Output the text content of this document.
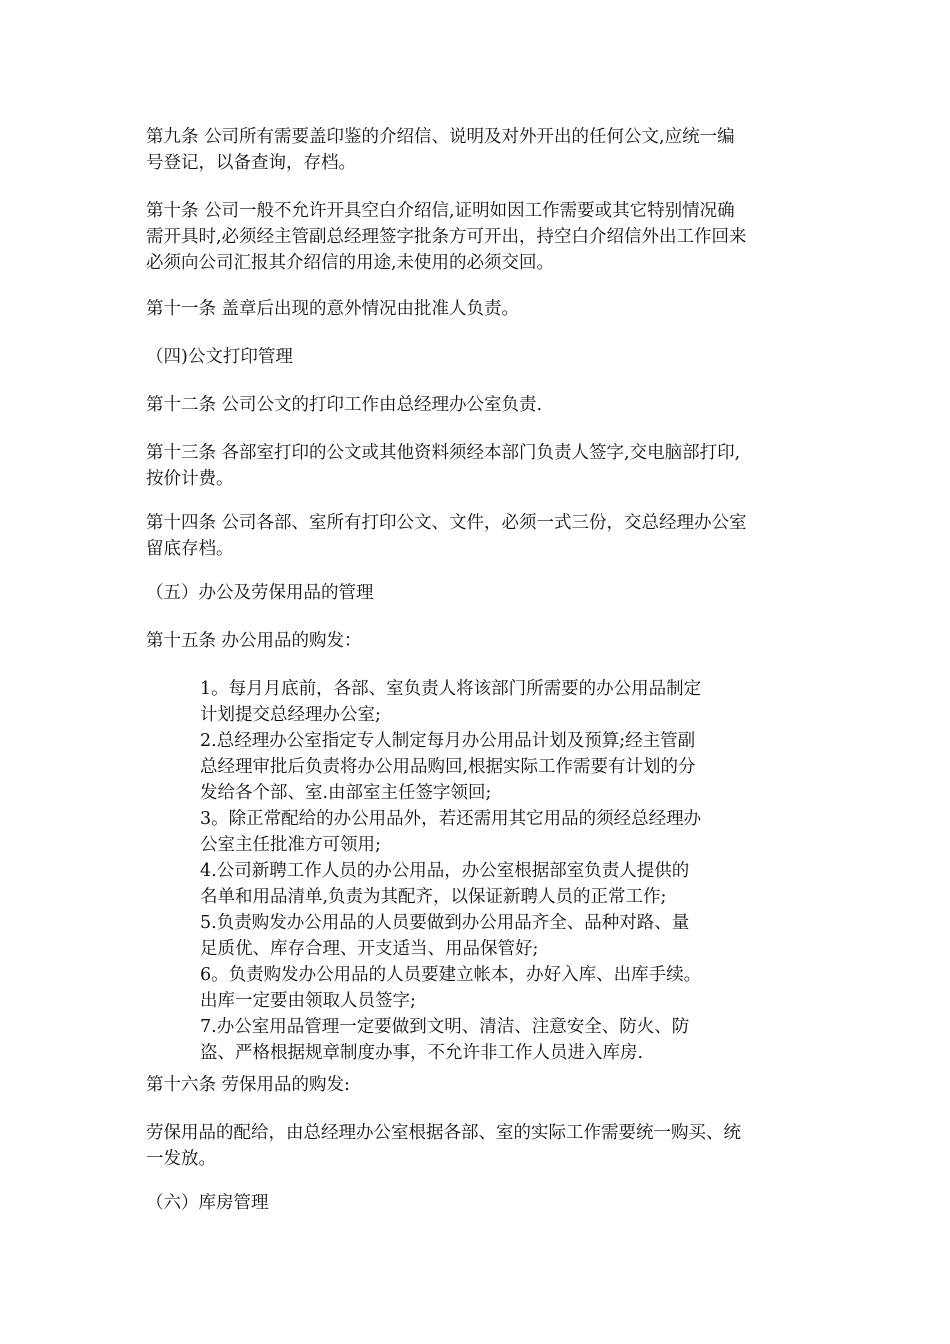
第九条 公司所有需要盖印鉴的介绍信、说明及对外开出的任何公文,应统一编
号登记，以备查询，存档。
第十条 公司一般不允许开具空白介绍信,证明如因工作需要或其它特别情况确
需开具时,必须经主管副总经理签字批条方可开出，持空白介绍信外出工作回来
必须向公司汇报其介绍信的用途,未使用的必须交回。
第十一条 盖章后出现的意外情况由批准人负责。
（四)公文打印管理
第十二条 公司公文的打印工作由总经理办公室负责.
第十三条 各部室打印的公文或其他资料须经本部门负责人签字,交电脑部打印,
按价计费。
第十四条 公司各部、室所有打印公文、文件，必须一式三份，交总经理办公室
留底存档。
（五）办公及劳保用品的管理
第十五条 办公用品的购发：
1。每月月底前，各部、室负责人将该部门所需要的办公用品制定
计划提交总经理办公室;
2.总经理办公室指定专人制定每月办公用品计划及预算;经主管副
总经理审批后负责将办公用品购回,根据实际工作需要有计划的分
发给各个部、室.由部室主任签字领回;
3。除正常配给的办公用品外，若还需用其它用品的须经总经理办
公室主任批准方可领用;
4.公司新聘工作人员的办公用品，办公室根据部室负责人提供的
名单和用品清单,负责为其配齐，以保证新聘人员的正常工作;
5.负责购发办公用品的人员要做到办公用品齐全、品种对路、量
足质优、库存合理、开支适当、用品保管好;
6。负责购发办公用品的人员要建立帐本，办好入库、出库手续。
出库一定要由领取人员签字;
7.办公室用品管理一定要做到文明、清洁、注意安全、防火、防
盗、严格根据规章制度办事，不允许非工作人员进入库房.
第十六条 劳保用品的购发:
劳保用品的配给，由总经理办公室根据各部、室的实际工作需要统一购买、统
一发放。
（六）库房管理
